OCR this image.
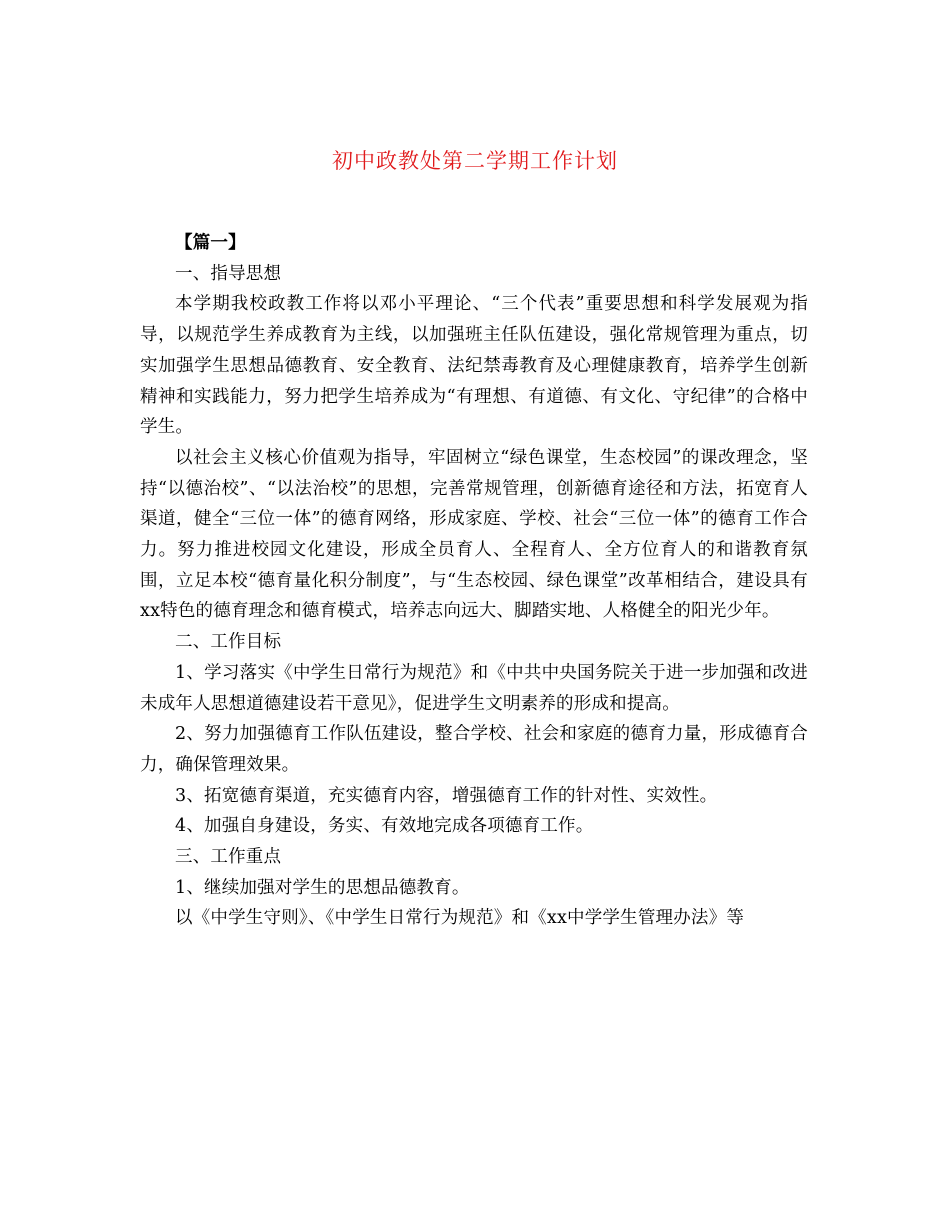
初中政教处第二学期工作计划

【篇一】

一、指导思想

本学期我校政教工作将以邓小平理论、“三个代表”重要思想和科学发展观为指导，以规范学生养成教育为主线，以加强班主任队伍建设，强化常规管理为重点，切实加强学生思想品德教育、安全教育、法纪禁毒教育及心理健康教育，培养学生创新精神和实践能力，努力把学生培养成为“有理想、有道德、有文化、守纪律”的合格中学生。

以社会主义核心价值观为指导，牢固树立“绿色课堂，生态校园”的课改理念，坚持“以德治校”、“以法治校”的思想，完善常规管理，创新德育途径和方法，拓宽育人渠道，健全“三位一体”的德育网络，形成家庭、学校、社会“三位一体”的德育工作合力。努力推进校园文化建设，形成全员育人、全程育人、全方位育人的和谐教育氛围，立足本校“德育量化积分制度”，与“生态校园、绿色课堂”改革相结合，建设具有xx特色的德育理念和德育模式，培养志向远大、脚踏实地、人格健全的阳光少年。

二、工作目标

1、学习落实《中学生日常行为规范》和《中共中央国务院关于进一步加强和改进未成年人思想道德建设若干意见》，促进学生文明素养的形成和提高。

2、努力加强德育工作队伍建设，整合学校、社会和家庭的德育力量，形成德育合力，确保管理效果。

3、拓宽德育渠道，充实德育内容，增强德育工作的针对性、实效性。

4、加强自身建设，务实、有效地完成各项德育工作。

三、工作重点

1、继续加强对学生的思想品德教育。

以《中学生守则》、《中学生日常行为规范》和《xx中学学生管理办法》等
